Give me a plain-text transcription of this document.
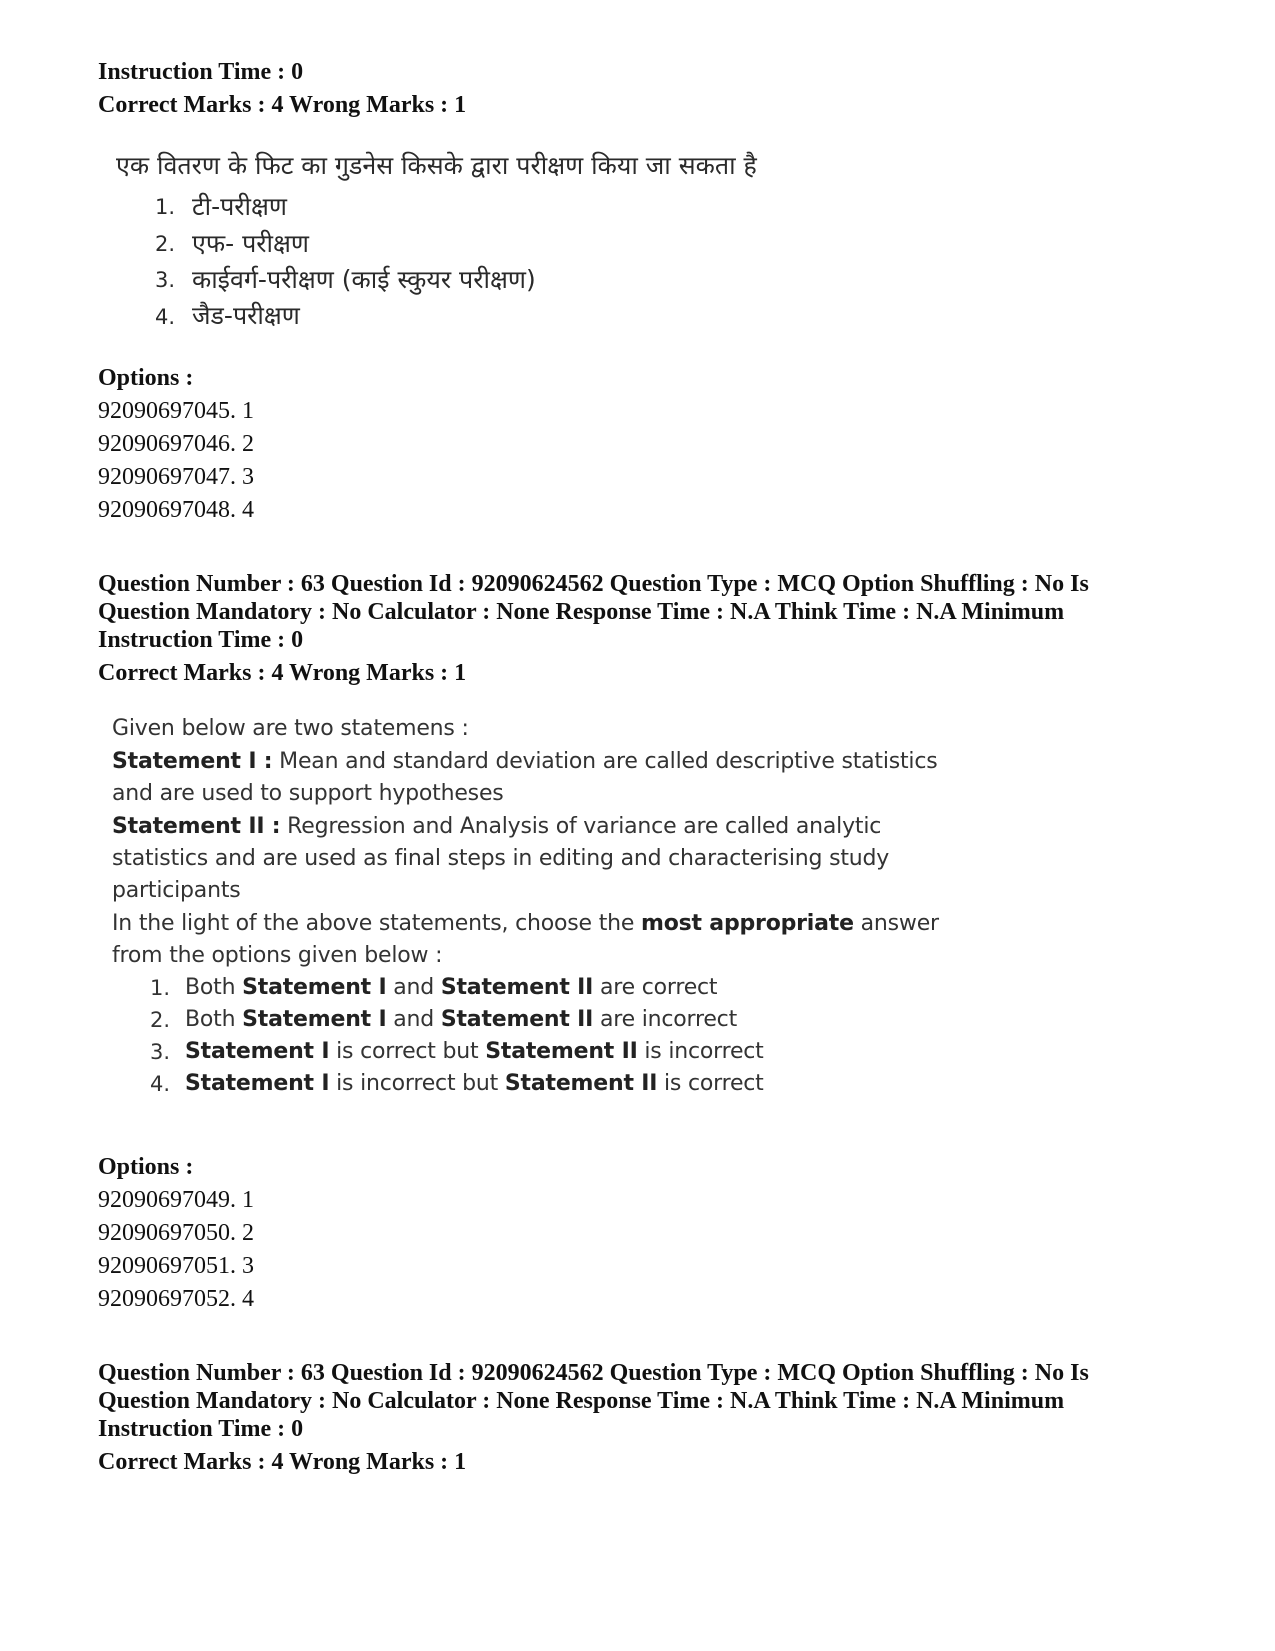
Instruction Time : 0
Correct Marks : 4 Wrong Marks : 1
एक वितरण के फिट का गुडनेस किसके द्वारा परीक्षण किया जा सकता है
1. टी-परीक्षण
2. एफ- परीक्षण
3. काईवर्ग-परीक्षण (काई स्कुयर परीक्षण)
4. जैड-परीक्षण
Options :
92090697045. 1
92090697046. 2
92090697047. 3
92090697048. 4
Question Number : 63 Question Id : 92090624562 Question Type : MCQ Option Shuffling : No Is
Question Mandatory : No Calculator : None Response Time : N.A Think Time : N.A Minimum
Instruction Time : 0
Correct Marks : 4 Wrong Marks : 1
Given below are two statemens :
Statement I : Mean and standard deviation are called descriptive statistics
and are used to support hypotheses
Statement II : Regression and Analysis of variance are called analytic
statistics and are used as final steps in editing and characterising study
participants
In the light of the above statements, choose the most appropriate answer
from the options given below :
1. Both Statement I and Statement II are correct
2. Both Statement I and Statement II are incorrect
3. Statement I is correct but Statement II is incorrect
4. Statement I is incorrect but Statement II is correct
Options :
92090697049. 1
92090697050. 2
92090697051. 3
92090697052. 4
Question Number : 63 Question Id : 92090624562 Question Type : MCQ Option Shuffling : No Is
Question Mandatory : No Calculator : None Response Time : N.A Think Time : N.A Minimum
Instruction Time : 0
Correct Marks : 4 Wrong Marks : 1
